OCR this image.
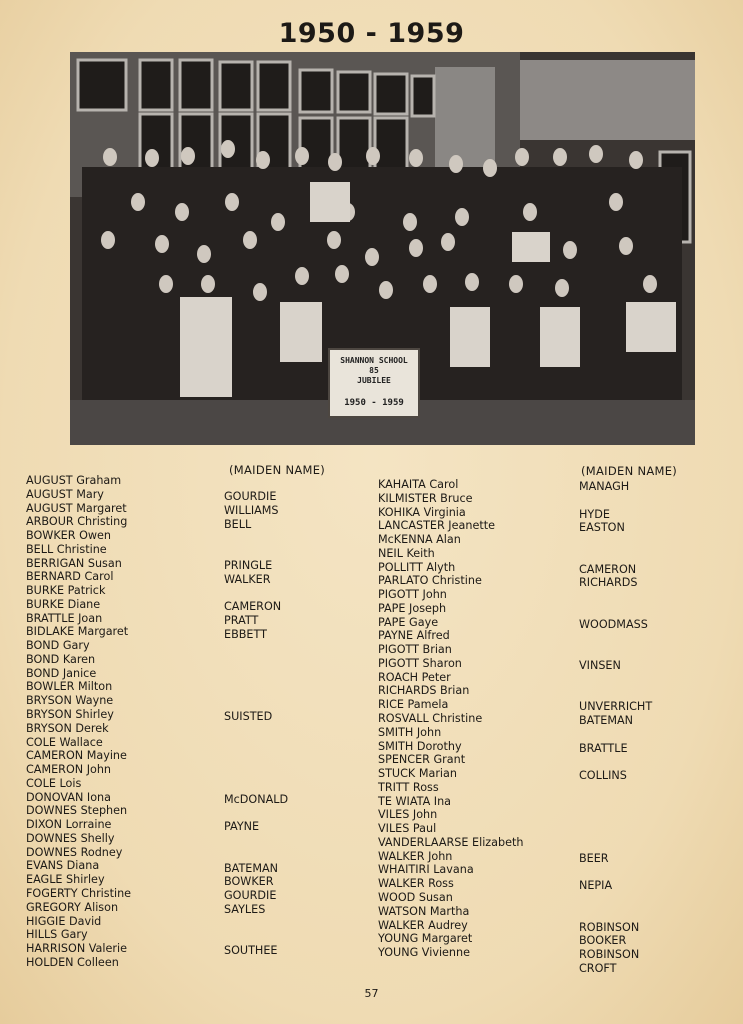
1950 - 1959
SHANNON SCHOOL
85
JUBILEE
1950 - 1959
(MAIDEN NAME)	(MAIDEN NAME)
AUGUST Graham
AUGUST Mary
AUGUST Margaret
ARBOUR Christing
BOWKER Owen
BELL Christine
BERRIGAN Susan
BERNARD Carol
BURKE Patrick
BURKE Diane
BRATTLE Joan
BIDLAKE Margaret
BOND Gary
BOND Karen
BOND Janice
BOWLER Milton
BRYSON Wayne
BRYSON Shirley
BRYSON Derek
COLE Wallace
CAMERON Mayine
CAMERON John
COLE Lois
DONOVAN Iona
DOWNES Stephen
DIXON Lorraine
DOWNES Shelly
DOWNES Rodney
EVANS Diana
EAGLE Shirley
FOGERTY Christine
GREGORY Alison
HIGGIE David
HILLS Gary
HARRISON Valerie
HOLDEN Colleen
GOURDIE
WILLIAMS
BELL
PRINGLE
WALKER
CAMERON
PRATT
EBBETT
SUISTED
McDONALD
PAYNE
BATEMAN
BOWKER
GOURDIE
SAYLES
SOUTHEE
KAHAITA Carol
KILMISTER Bruce
KOHIKA Virginia
LANCASTER Jeanette
McKENNA Alan
NEIL Keith
POLLITT Alyth
PARLATO Christine
PIGOTT John
PAPE Joseph
PAPE Gaye
PAYNE Alfred
PIGOTT Brian
PIGOTT Sharon
ROACH Peter
RICHARDS Brian
RICE Pamela
ROSVALL Christine
SMITH John
SMITH Dorothy
SPENCER Grant
STUCK Marian
TRITT Ross
TE WIATA Ina
VILES John
VILES Paul
VANDERLAARSE Elizabeth
WALKER John
WHAITIRI Lavana
WALKER Ross
WOOD Susan
WATSON Martha
WALKER Audrey
YOUNG Margaret
YOUNG Vivienne
MANAGH
HYDE
EASTON
CAMERON
RICHARDS
WOODMASS
VINSEN
UNVERRICHT
BATEMAN
BRATTLE
COLLINS
BEER
NEPIA
ROBINSON
BOOKER
ROBINSON
CROFT
57
